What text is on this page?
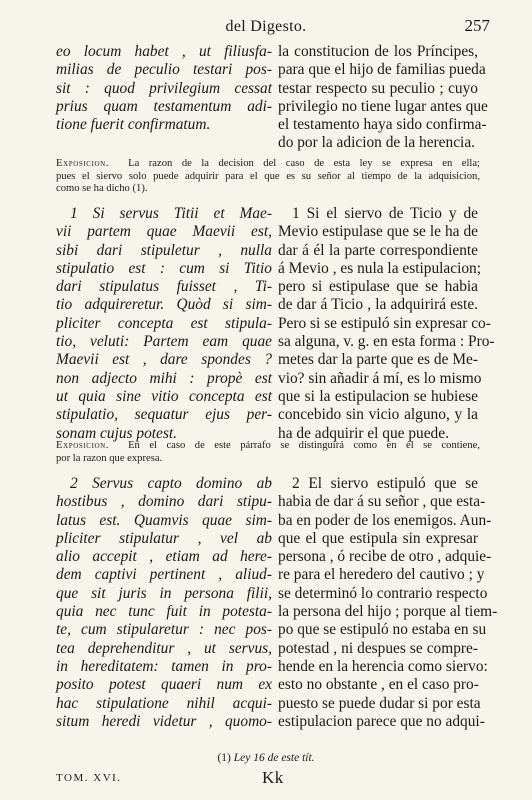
del Digesto.	257
eo locum habet , ut filiusfa-
milias de peculio testari pos-
sit : quod privilegium cessat
prius quam testamentum adi-
tione fuerit confirmatum.
la constitucion de los Príncipes,
para que el hijo de familias pueda
testar respecto su peculio ; cuyo
privilegio no tiene lugar antes que
el testamento haya sido confirma-
do por la adicion de la herencia.
Exposicion. La razon de la decision del caso de esta ley se expresa en ella;
pues el siervo solo puede adquirir para el que es su señor al tiempo de la adquisicion,
como se ha dicho (1).
1 Si servus Titii et Mae-
vii partem quae Maevii est,
sibi dari stipuletur , nulla
stipulatio est : cum si Titio
dari stipulatus fuisset , Ti-
tio adquireretur. Quòd si sim-
pliciter concepta est stipula-
tio, veluti: Partem eam quae
Maevii est , dare spondes ?
non adjecto mihi : propè est
ut quia sine vitio concepta est
stipulatio, sequatur ejus per-
sonam cujus potest.
1 Si el siervo de Ticio y de
Mevio estipulase que se le ha de
dar á él la parte correspondiente
á Mevio , es nula la estipulacion;
pero si estipulase que se habia
de dar á Ticio , la adquirirá este.
Pero si se estipuló sin expresar co-
sa alguna, v. g. en esta forma : Pro-
metes dar la parte que es de Me-
vio? sin añadir á mí, es lo mismo
que si la estipulacion se hubiese
concebido sin vicio alguno, y la
ha de adquirir el que puede.
Exposicion. En el caso de este párrafo se distinguirá como en él se contiene,
por la razon que expresa.
2 Servus capto domino ab
hostibus , domino dari stipu-
latus est. Quamvis quae sim-
pliciter stipulatur , vel ab
alio accepit , etiam ad here-
dem captivi pertinent , aliud-
que sit juris in persona filii,
quia nec tunc fuit in potesta-
te, cum stipularetur : nec pos-
tea deprehenditur , ut servus,
in hereditatem: tamen in pro-
posito potest quaeri num ex
hac stipulatione nihil acqui-
situm heredi videtur , quomo-
2 El siervo estipuló que se
habia de dar á su señor , que esta-
ba en poder de los enemigos. Aun-
que el que estipula sin expresar
persona , ó recibe de otro , adquie-
re para el heredero del cautivo ; y
se determinó lo contrario respecto
la persona del hijo ; porque al tiem-
po que se estipuló no estaba en su
potestad , ni despues se compre-
hende en la herencia como siervo:
esto no obstante , en el caso pro-
puesto se puede dudar si por esta
estipulacion parece que no adqui-
(1) Ley 16 de este tít.
TOM. XVI.	Kk
